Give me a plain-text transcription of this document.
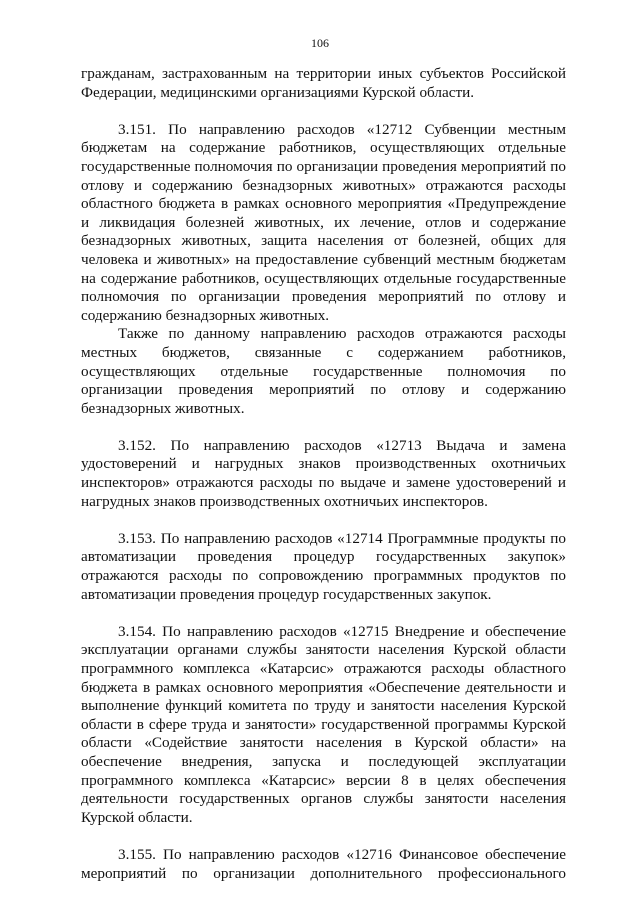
106

гражданам, застрахованным на территории иных субъектов Российской Федерации, медицинскими организациями Курской области.

3.151. По направлению расходов «12712 Субвенции местным бюджетам на содержание работников, осуществляющих отдельные государственные полномочия по организации проведения мероприятий по отлову и содержанию безнадзорных животных» отражаются расходы областного бюджета в рамках основного мероприятия «Предупреждение и ликвидация болезней животных, их лечение, отлов и содержание безнадзорных животных, защита населения от болезней, общих для человека и животных» на предоставление субвенций местным бюджетам на содержание работников, осуществляющих отдельные государственные полномочия по организации проведения мероприятий по отлову и содержанию безнадзорных животных.

Также по данному направлению расходов отражаются расходы местных бюджетов, связанные с содержанием работников, осуществляющих отдельные государственные полномочия по организации проведения мероприятий по отлову и содержанию безнадзорных животных.

3.152. По направлению расходов «12713 Выдача и замена удостоверений и нагрудных знаков производственных охотничьих инспекторов» отражаются расходы по выдаче и замене удостоверений и нагрудных знаков производственных охотничьих инспекторов.

3.153. По направлению расходов «12714 Программные продукты по автоматизации проведения процедур государственных закупок» отражаются расходы по сопровождению программных продуктов по автоматизации проведения процедур государственных закупок.

3.154. По направлению расходов «12715 Внедрение и обеспечение эксплуатации органами службы занятости населения Курской области программного комплекса «Катарсис» отражаются расходы областного бюджета в рамках основного мероприятия «Обеспечение деятельности и выполнение функций комитета по труду и занятости населения Курской области в сфере труда и занятости» государственной программы Курской области «Содействие занятости населения в Курской области» на обеспечение внедрения, запуска и последующей эксплуатации программного комплекса «Катарсис» версии 8 в целях обеспечения деятельности государственных органов службы занятости населения Курской области.

3.155. По направлению расходов «12716 Финансовое обеспечение мероприятий по организации дополнительного профессионального
